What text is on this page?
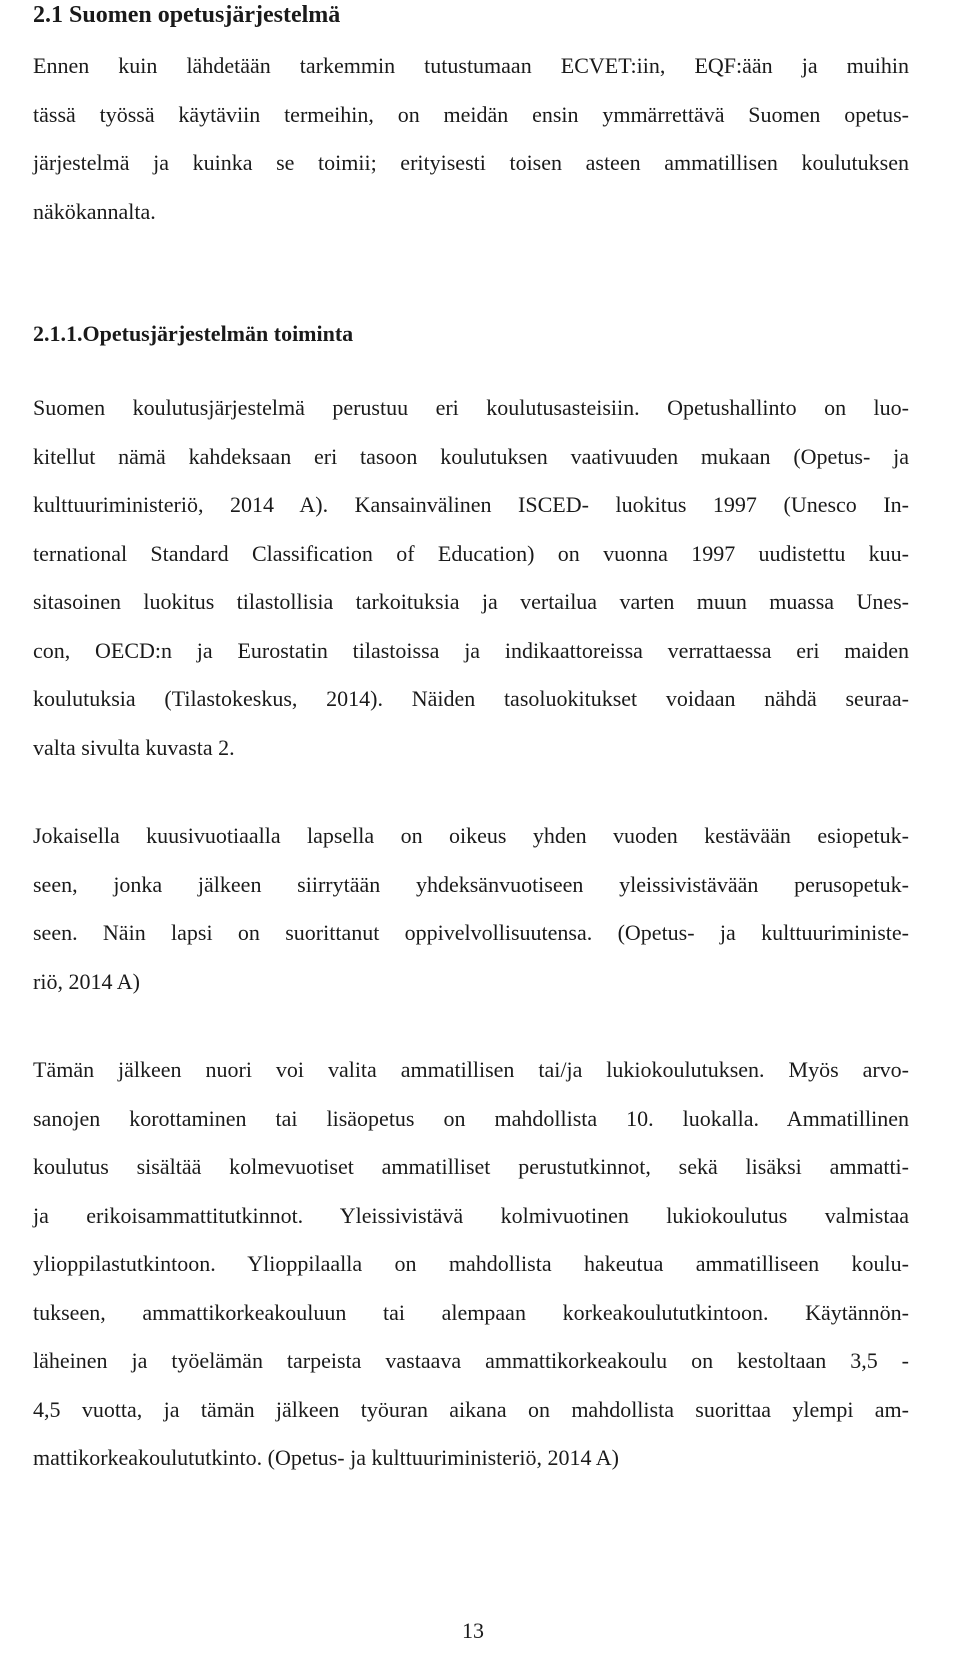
2.1 Suomen opetusjärjestelmä

Ennen kuin lähdetään tarkemmin tutustumaan ECVET:iin, EQF:ään ja muihin
tässä työssä käytäviin termeihin, on meidän ensin ymmärrettävä Suomen opetus-
järjestelmä ja kuinka se toimii; erityisesti toisen asteen ammatillisen koulutuksen
näkökannalta.

2.1.1.Opetusjärjestelmän toiminta

Suomen koulutusjärjestelmä perustuu eri koulutusasteisiin. Opetushallinto on luo-
kitellut nämä kahdeksaan eri tasoon koulutuksen vaativuuden mukaan (Opetus- ja
kulttuuriministeriö, 2014 A). Kansainvälinen ISCED- luokitus 1997 (Unesco In-
ternational Standard Classification of Education) on vuonna 1997 uudistettu kuu-
sitasoinen luokitus tilastollisia tarkoituksia ja vertailua varten muun muassa Unes-
con, OECD:n ja Eurostatin tilastoissa ja indikaattoreissa verrattaessa eri maiden
koulutuksia (Tilastokeskus, 2014). Näiden tasoluokitukset voidaan nähdä seuraa-
valta sivulta kuvasta 2.

Jokaisella kuusivuotiaalla lapsella on oikeus yhden vuoden kestävään esiopetuk-
seen, jonka jälkeen siirrytään yhdeksänvuotiseen yleissivistävään perusopetuk-
seen. Näin lapsi on suorittanut oppivelvollisuutensa. (Opetus- ja kulttuuriministe-
riö, 2014 A)

Tämän jälkeen nuori voi valita ammatillisen tai/ja lukiokoulutuksen. Myös arvo-
sanojen korottaminen tai lisäopetus on mahdollista 10. luokalla. Ammatillinen
koulutus sisältää kolmevuotiset ammatilliset perustutkinnot, sekä lisäksi ammatti-
ja erikoisammattitutkinnot. Yleissivistävä kolmivuotinen lukiokoulutus valmistaa
ylioppilastutkintoon. Ylioppilaalla on mahdollista hakeutua ammatilliseen koulu-
tukseen, ammattikorkeakouluun tai alempaan korkeakoulututkintoon. Käytännön-
läheinen ja työelämän tarpeista vastaava ammattikorkeakoulu on kestoltaan 3,5 -
4,5 vuotta, ja tämän jälkeen työuran aikana on mahdollista suorittaa ylempi am-
mattikorkeakoulututkinto. (Opetus- ja kulttuuriministeriö, 2014 A)

13
